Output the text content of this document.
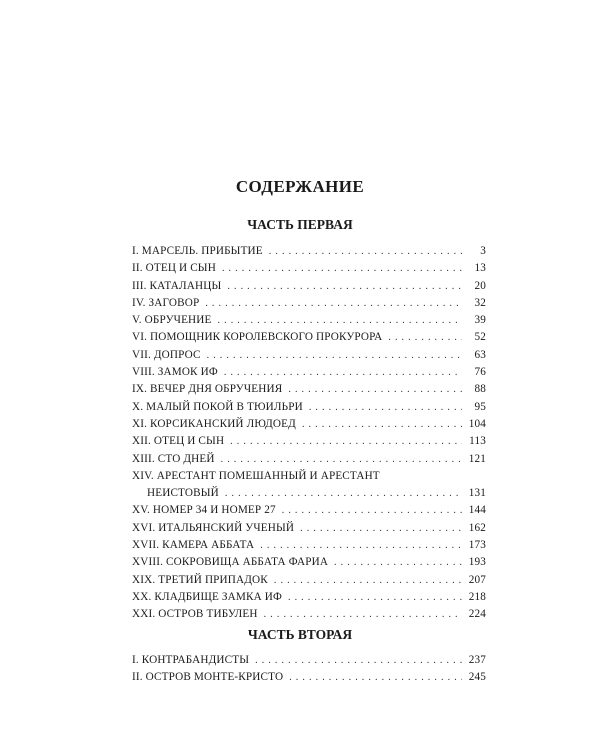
СОДЕРЖАНИЕ
ЧАСТЬ ПЕРВАЯ
I. МАРСЕЛЬ. ПРИБЫТИЕ . . .	3
II. ОТЕЦ И СЫН . . .	13
III. КАТАЛАНЦЫ . . .	20
IV. ЗАГОВОР . . .	32
V. ОБРУЧЕНИЕ . . .	39
VI. ПОМОЩНИК КОРОЛЕВСКОГО ПРОКУРОРА . . .	52
VII. ДОПРОС . . .	63
VIII. ЗАМОК ИФ . . .	76
IX. ВЕЧЕР ДНЯ ОБРУЧЕНИЯ . . .	88
X. МАЛЫЙ ПОКОЙ В ТЮИЛЬРИ . . .	95
XI. КОРСИКАНСКИЙ ЛЮДОЕД . . .	104
XII. ОТЕЦ И СЫН . . .	113
XIII. СТО ДНЕЙ . . .	121
XIV. АРЕСТАНТ ПОМЕШАННЫЙ И АРЕСТАНТ
НЕИСТОВЫЙ . . .	131
XV. НОМЕР 34 И НОМЕР 27 . . .	144
XVI. ИТАЛЬЯНСКИЙ УЧЕНЫЙ . . .	162
XVII. КАМЕРА АББАТА . . .	173
XVIII. СОКРОВИЩА АББАТА ФАРИА . . .	193
XIX. ТРЕТИЙ ПРИПАДОК . . .	207
XX. КЛАДБИЩЕ ЗАМКА ИФ . . .	218
XXI. ОСТРОВ ТИБУЛЕН . . .	224
ЧАСТЬ ВТОРАЯ
I. КОНТРАБАНДИСТЫ . . .	237
II. ОСТРОВ МОНТЕ-КРИСТО . . .	245
